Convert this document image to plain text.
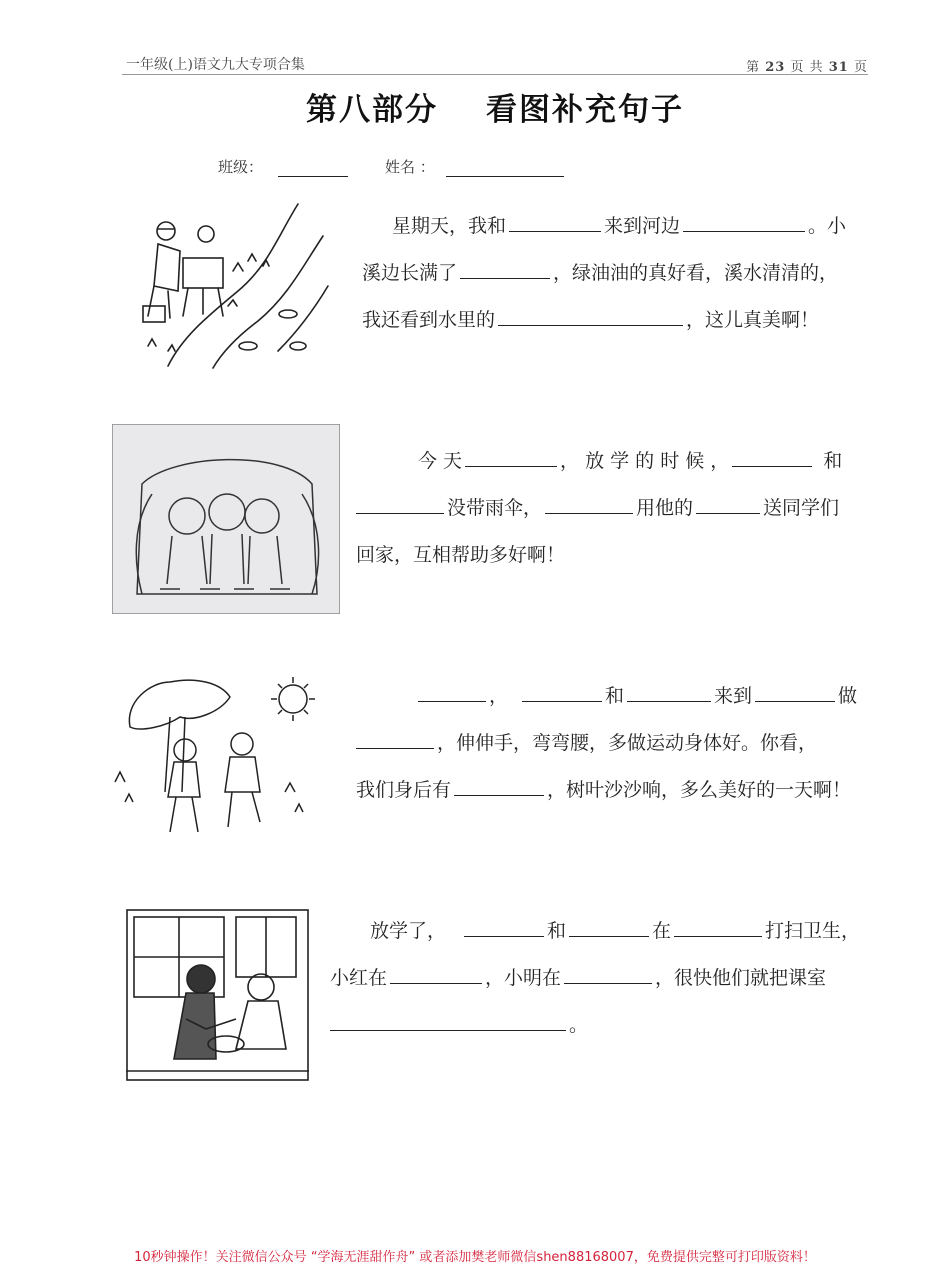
一年级(上)语文九大专项合集	第 23 页 共 31 页
第八部分 看图补充句子
班级：	姓名 ：
星期天，我和	来到河边	。小
溪边长满了	，绿油油的真好看，溪水清清的，
我还看到水里的	，这儿真美啊！
今 天	， 放 学 的 时 候 ，	和
没带雨伞，	用他的	送同学们
回家，互相帮助多好啊！
，	和	来到	做
，伸伸手，弯弯腰，多做运动身体好。你看，
我们身后有	，树叶沙沙响，多么美好的一天啊！
放学了，	和	在	打扫卫生，
小红在	，小明在	，很快他们就把课室
。
10秒钟操作！关注微信公众号 “学海无涯甜作舟” 或者添加樊老师微信shen88168007，免费提供完整可打印版资料！
